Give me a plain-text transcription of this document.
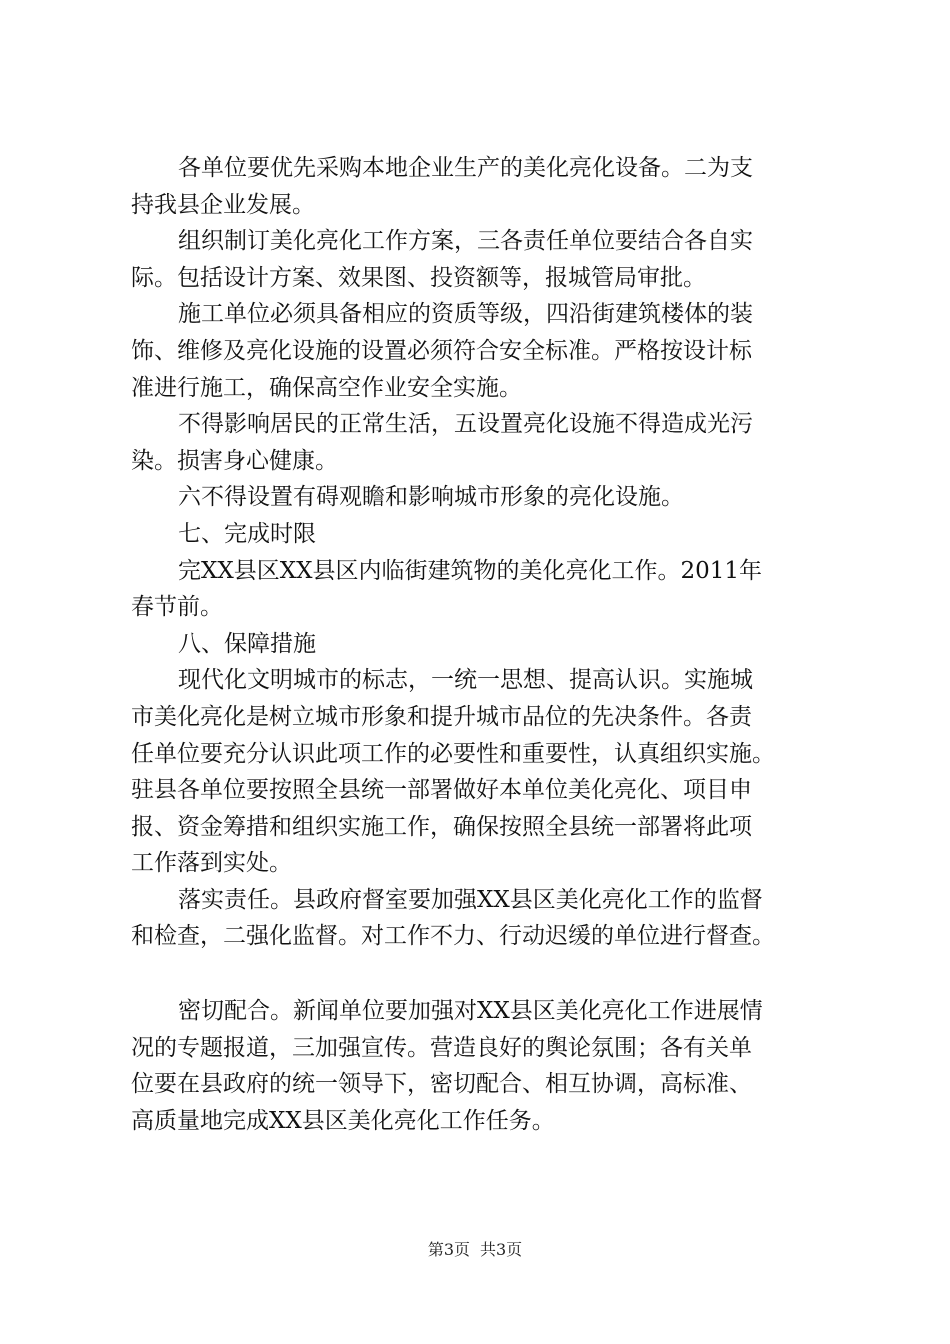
各单位要优先采购本地企业生产的美化亮化设备。二为支
持我县企业发展。
组织制订美化亮化工作方案，三各责任单位要结合各自实
际。包括设计方案、效果图、投资额等，报城管局审批。
施工单位必须具备相应的资质等级，四沿街建筑楼体的装
饰、维修及亮化设施的设置必须符合安全标准。严格按设计标
准进行施工，确保高空作业安全实施。
不得影响居民的正常生活，五设置亮化设施不得造成光污
染。损害身心健康。
六不得设置有碍观瞻和影响城市形象的亮化设施。
七、完成时限
完XX县区XX县区内临街建筑物的美化亮化工作。2011年
春节前。
八、保障措施
现代化文明城市的标志，一统一思想、提高认识。实施城
市美化亮化是树立城市形象和提升城市品位的先决条件。各责
任单位要充分认识此项工作的必要性和重要性，认真组织实施。
驻县各单位要按照全县统一部署做好本单位美化亮化、项目申
报、资金筹措和组织实施工作，确保按照全县统一部署将此项
工作落到实处。
落实责任。县政府督室要加强XX县区美化亮化工作的监督
和检查，二强化监督。对工作不力、行动迟缓的单位进行督查。
密切配合。新闻单位要加强对XX县区美化亮化工作进展情
况的专题报道，三加强宣传。营造良好的舆论氛围；各有关单
位要在县政府的统一领导下，密切配合、相互协调，高标准、
高质量地完成XX县区美化亮化工作任务。
第3页 共3页
